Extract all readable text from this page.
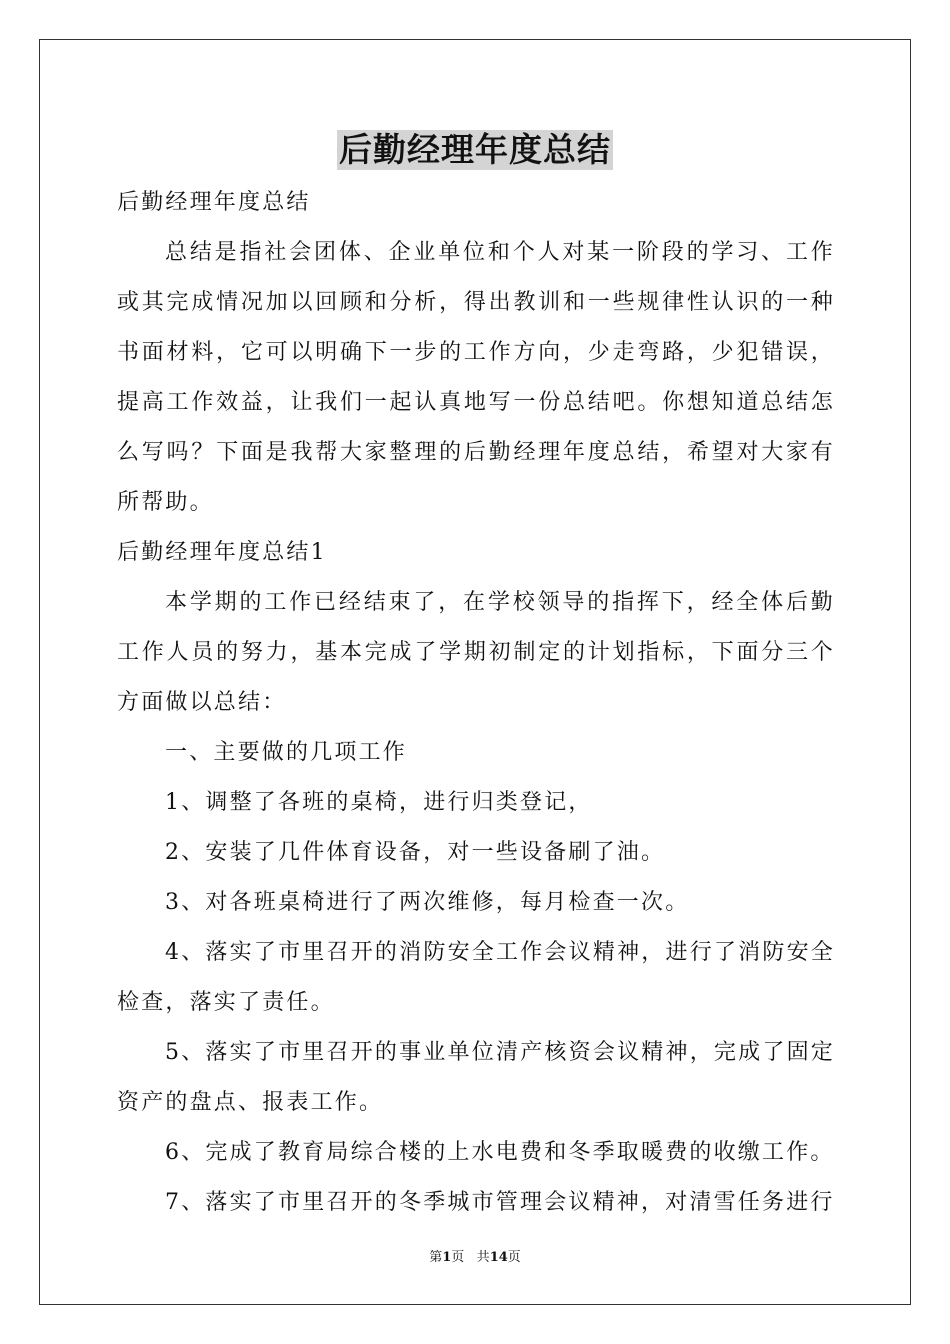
后勤经理年度总结

后勤经理年度总结

总结是指社会团体、企业单位和个人对某一阶段的学习、工作或其完成情况加以回顾和分析，得出教训和一些规律性认识的一种书面材料，它可以明确下一步的工作方向，少走弯路，少犯错误，提高工作效益，让我们一起认真地写一份总结吧。你想知道总结怎么写吗？下面是我帮大家整理的后勤经理年度总结，希望对大家有所帮助。

后勤经理年度总结1

本学期的工作已经结束了，在学校领导的指挥下，经全体后勤工作人员的努力，基本完成了学期初制定的计划指标，下面分三个方面做以总结：

一、主要做的几项工作

1、调整了各班的桌椅，进行归类登记，

2、安装了几件体育设备，对一些设备刷了油。

3、对各班桌椅进行了两次维修，每月检查一次。

4、落实了市里召开的消防安全工作会议精神，进行了消防安全检查，落实了责任。

5、落实了市里召开的事业单位清产核资会议精神，完成了固定资产的盘点、报表工作。

6、完成了教育局综合楼的上水电费和冬季取暖费的收缴工作。

7、落实了市里召开的冬季城市管理会议精神，对清雪任务进行

第1页 共14页
